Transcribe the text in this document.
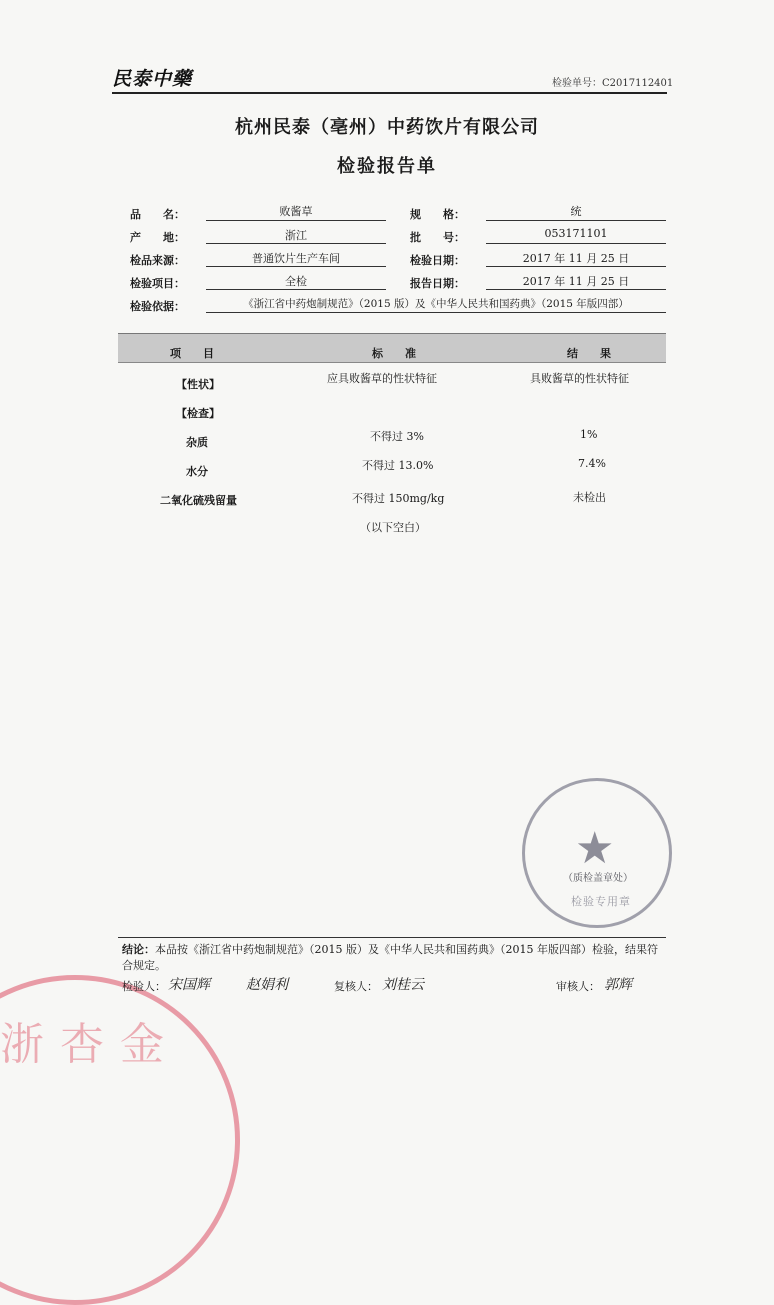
民泰中藥	检验单号：C2017112401
杭州民泰（亳州）中药饮片有限公司
检验报告单
品　　名：	败酱草	规　　格：	统
产　　地：	浙江	批　　号：	053171101
检品来源：	普通饮片生产车间	检验日期：	2017 年 11 月 25 日
检验项目：	全检	报告日期：	2017 年 11 月 25 日
检验依据：	《浙江省中药炮制规范》（2015 版）及《中华人民共和国药典》（2015 年版四部）
项　　目	标　　准	结　　果
【性状】	应具败酱草的性状特征	具败酱草的性状特征
【检查】
杂质	不得过 3%	1%
水分	不得过 13.0%	7.4%
二氧化硫残留量	不得过 150mg/kg	未检出
（以下空白）
★
（质检盖章处）
检验专用章
浙杏金
结论：本品按《浙江省中药炮制规范》（2015 版）及《中华人民共和国药典》（2015 年版四部）检验，结果符合规定。
检验人： 宋国辉	赵娟利	复核人： 刘桂云	审核人： 郭辉
